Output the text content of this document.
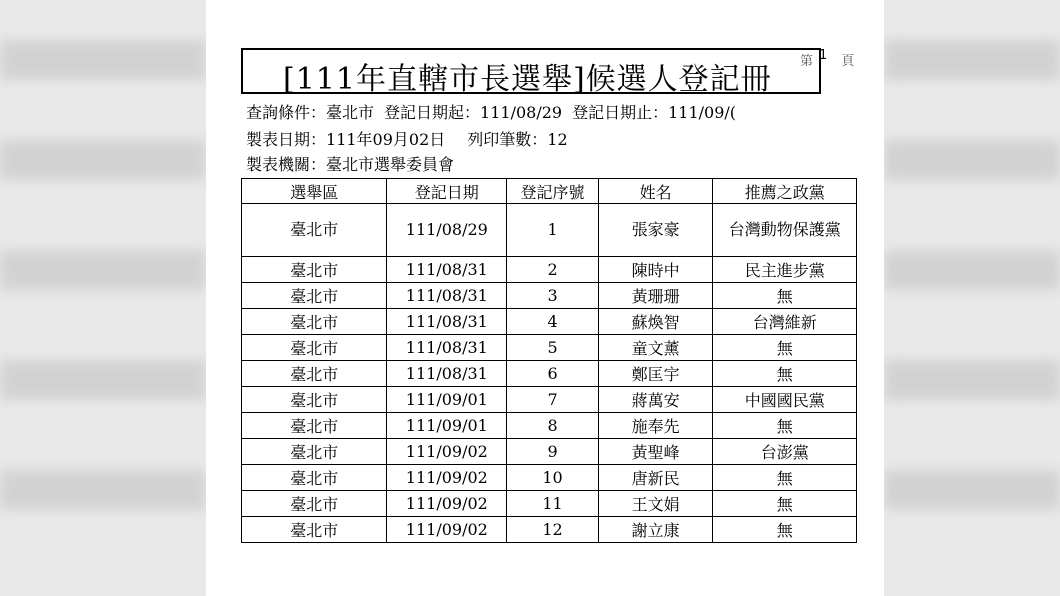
[111年直轄市長選舉]候選人登記冊
第 1 頁
查詢條件：臺北市 登記日期起：111/08/29 登記日期止：111/09/(
製表日期：111年09月02日 列印筆數：12
製表機關：臺北市選舉委員會
選舉區	登記日期	登記序號	姓名	推薦之政黨
臺北市	111/08/29	1	張家豪	台灣動物保護黨
臺北市	111/08/31	2	陳時中	民主進步黨
臺北市	111/08/31	3	黃珊珊	無
臺北市	111/08/31	4	蘇煥智	台灣維新
臺北市	111/08/31	5	童文薰	無
臺北市	111/08/31	6	鄭匡宇	無
臺北市	111/09/01	7	蔣萬安	中國國民黨
臺北市	111/09/01	8	施奉先	無
臺北市	111/09/02	9	黃聖峰	台澎黨
臺北市	111/09/02	10	唐新民	無
臺北市	111/09/02	11	王文娟	無
臺北市	111/09/02	12	謝立康	無
